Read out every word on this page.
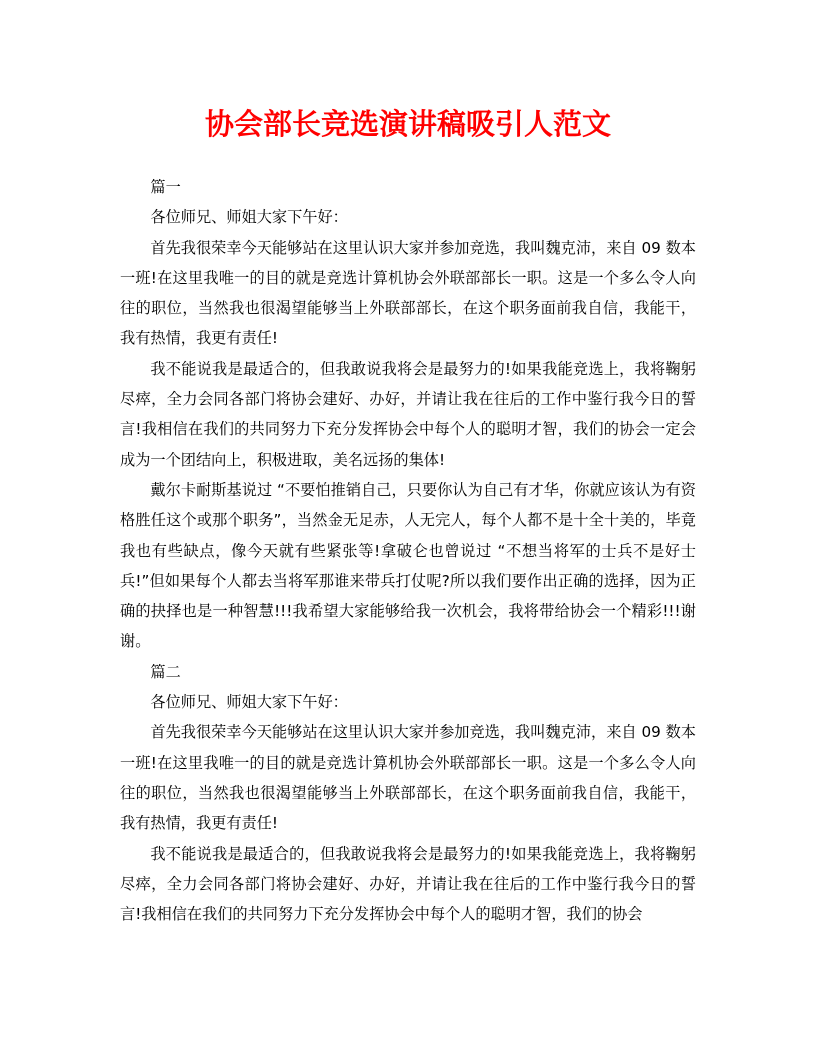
协会部长竞选演讲稿吸引人范文

篇一

各位师兄、师姐大家下午好：

首先我很荣幸今天能够站在这里认识大家并参加竞选，我叫魏克沛，来自 09 数本一班!在这里我唯一的目的就是竞选计算机协会外联部部长一职。这是一个多么令人向往的职位，当然我也很渴望能够当上外联部部长，在这个职务面前我自信，我能干，我有热情，我更有责任!

我不能说我是最适合的，但我敢说我将会是最努力的!如果我能竞选上，我将鞠躬尽瘁，全力会同各部门将协会建好、办好，并请让我在往后的工作中鉴行我今日的誓言!我相信在我们的共同努力下充分发挥协会中每个人的聪明才智，我们的协会一定会成为一个团结向上，积极进取，美名远扬的集体!

戴尔卡耐斯基说过 “不要怕推销自己，只要你认为自己有才华，你就应该认为有资格胜任这个或那个职务”，当然金无足赤，人无完人，每个人都不是十全十美的，毕竟我也有些缺点，像今天就有些紧张等!拿破仑也曾说过 “不想当将军的士兵不是好士兵!”但如果每个人都去当将军那谁来带兵打仗呢?所以我们要作出正确的选择，因为正确的抉择也是一种智慧!!!我希望大家能够给我一次机会，我将带给协会一个精彩!!!谢谢。

篇二

各位师兄、师姐大家下午好：

首先我很荣幸今天能够站在这里认识大家并参加竞选，我叫魏克沛，来自 09 数本一班!在这里我唯一的目的就是竞选计算机协会外联部部长一职。这是一个多么令人向往的职位，当然我也很渴望能够当上外联部部长，在这个职务面前我自信，我能干，我有热情，我更有责任!

我不能说我是最适合的，但我敢说我将会是最努力的!如果我能竞选上，我将鞠躬尽瘁，全力会同各部门将协会建好、办好，并请让我在往后的工作中鉴行我今日的誓言!我相信在我们的共同努力下充分发挥协会中每个人的聪明才智，我们的协会
